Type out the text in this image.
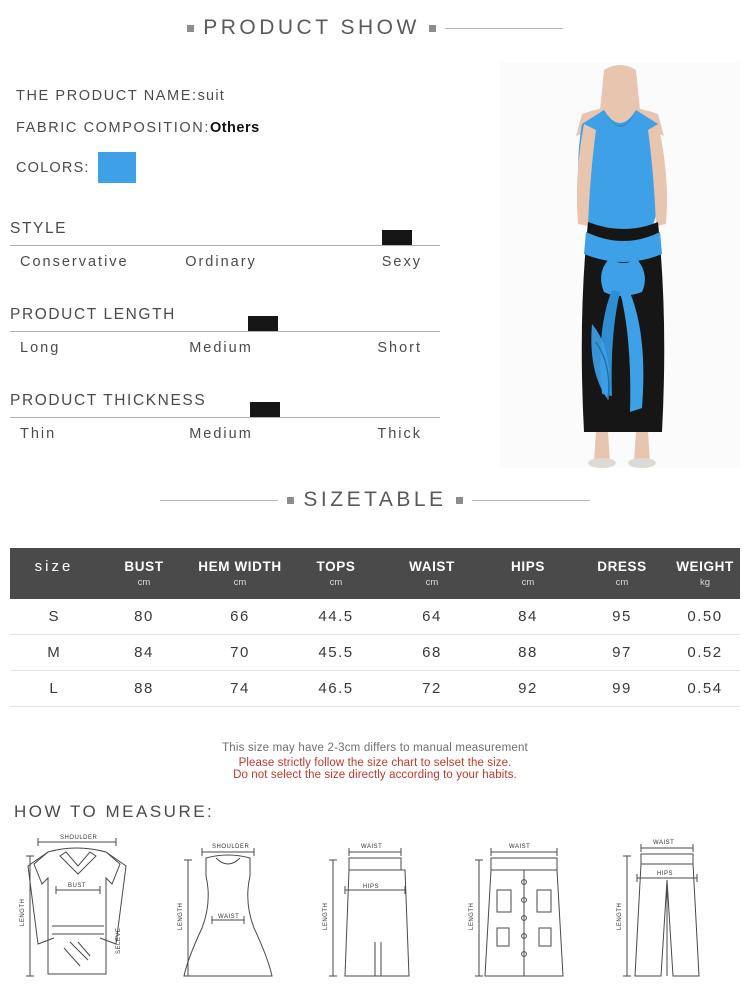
PRODUCT SHOW
THE PRODUCT NAME:suit
FABRIC COMPOSITION:Others
COLORS:
STYLE
Conservative	Ordinary	Sexy
PRODUCT LENGTH
Long	Medium	Short
PRODUCT THICKNESS
Thin	Medium	Thick
SIZETABLE
size	BUST	HEM WIDTH	TOPS	WAIST	HIPS	DRESS	WEIGHT
	cm	cm	cm	cm	cm	cm	kg
S	80	66	44.5	64	84	95	0.50
M	84	70	45.5	68	88	97	0.52
L	88	74	46.5	72	92	99	0.54
This size may have 2-3cm differs to manual measurement
Please strictly follow the size chart to selset the size.
Do not select the size directly according to your habits.
HOW TO MEASURE:
SHOULDER
BUST
LENGTH
SELEVE
SHOULDER
WAIST
LENGTH
WAIST
HIPS
LENGTH
WAIST
LENGTH
WAIST
HIPS
LENGTH
